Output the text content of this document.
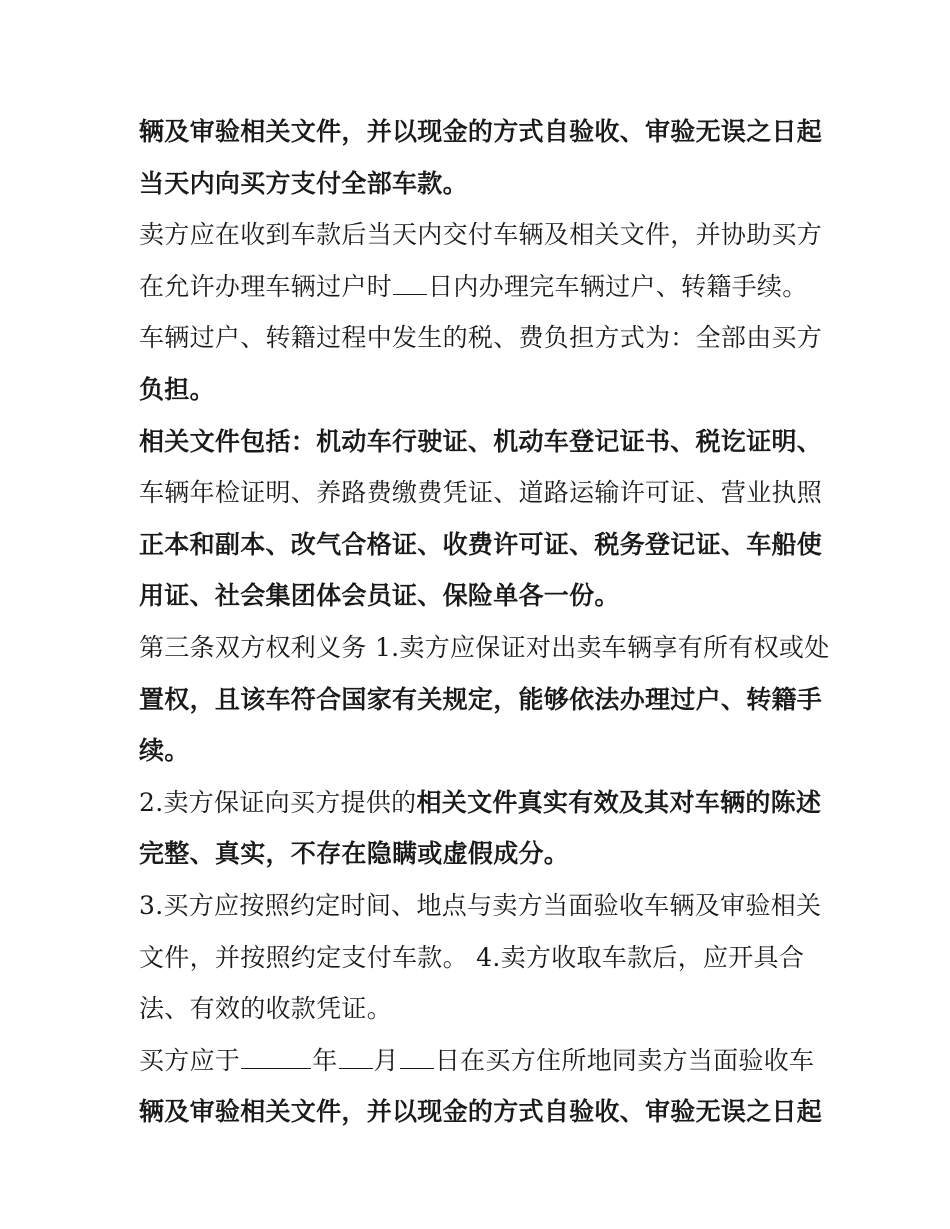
辆及审验相关文件，并以现金的方式自验收、审验无误之日起
当天内向买方支付全部车款。
卖方应在收到车款后当天内交付车辆及相关文件，并协助买方
在允许办理车辆过户时 日内办理完车辆过户、转籍手续。
车辆过户、转籍过程中发生的税、费负担方式为：全部由买方
负担。
相关文件包括：机动车行驶证、机动车登记证书、税讫证明、
车辆年检证明、养路费缴费凭证、道路运输许可证、营业执照
正本和副本、改气合格证、收费许可证、税务登记证、车船使
用证、社会集团体会员证、保险单各一份。
第三条双方权利义务 1.卖方应保证对出卖车辆享有所有权或处
置权，且该车符合国家有关规定，能够依法办理过户、转籍手
续。
2.卖方保证向买方提供的相关文件真实有效及其对车辆的陈述
完整、真实，不存在隐瞒或虚假成分。
3.买方应按照约定时间、地点与卖方当面验收车辆及审验相关
文件，并按照约定支付车款。 4.卖方收取车款后，应开具合
法、有效的收款凭证。
买方应于	年 月 日在买方住所地同卖方当面验收车
辆及审验相关文件，并以现金的方式自验收、审验无误之日起
